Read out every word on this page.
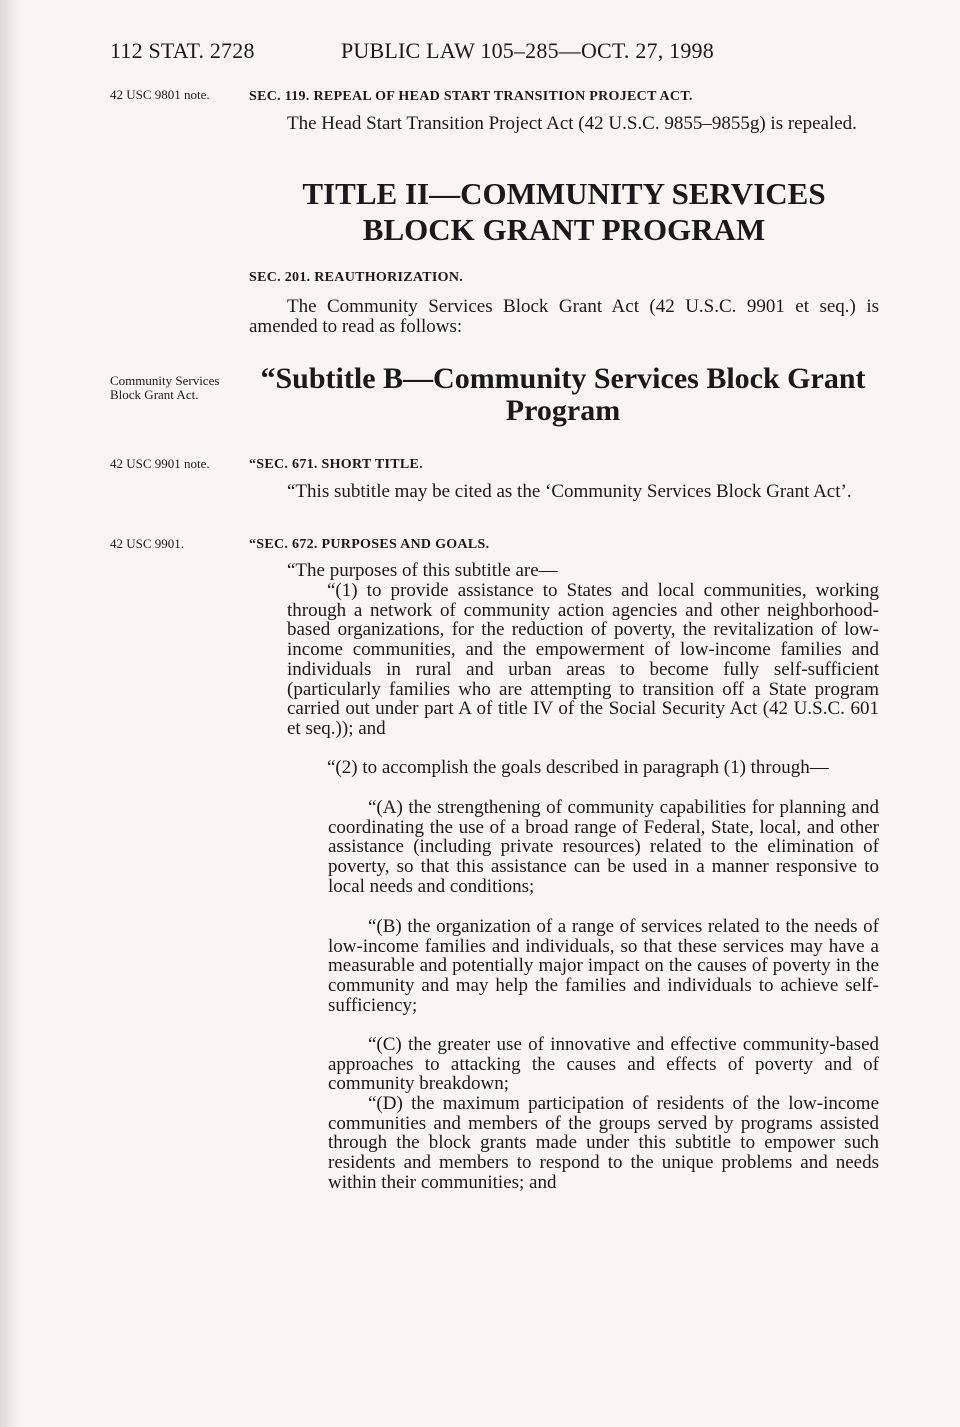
112 STAT. 2728	PUBLIC LAW 105–285—OCT. 27, 1998
42 USC 9801 note.
Community Services Block Grant Act.
42 USC 9901 note.
42 USC 9901.
SEC. 119. REPEAL OF HEAD START TRANSITION PROJECT ACT.
The Head Start Transition Project Act (42 U.S.C. 9855–9855g) is repealed.
TITLE II—COMMUNITY SERVICES BLOCK GRANT PROGRAM
SEC. 201. REAUTHORIZATION.
The Community Services Block Grant Act (42 U.S.C. 9901 et seq.) is amended to read as follows:
“Subtitle B—Community Services Block Grant Program
“SEC. 671. SHORT TITLE.
“This subtitle may be cited as the ‘Community Services Block Grant Act’.
“SEC. 672. PURPOSES AND GOALS.
“The purposes of this subtitle are—
“(1) to provide assistance to States and local communities, working through a network of community action agencies and other neighborhood-based organizations, for the reduction of poverty, the revitalization of low-income communities, and the empowerment of low-income families and individuals in rural and urban areas to become fully self-sufficient (particularly families who are attempting to transition off a State program carried out under part A of title IV of the Social Security Act (42 U.S.C. 601 et seq.)); and
“(2) to accomplish the goals described in paragraph (1) through—
“(A) the strengthening of community capabilities for planning and coordinating the use of a broad range of Federal, State, local, and other assistance (including private resources) related to the elimination of poverty, so that this assistance can be used in a manner responsive to local needs and conditions;
“(B) the organization of a range of services related to the needs of low-income families and individuals, so that these services may have a measurable and potentially major impact on the causes of poverty in the community and may help the families and individuals to achieve self-sufficiency;
“(C) the greater use of innovative and effective community-based approaches to attacking the causes and effects of poverty and of community breakdown;
“(D) the maximum participation of residents of the low-income communities and members of the groups served by programs assisted through the block grants made under this subtitle to empower such residents and members to respond to the unique problems and needs within their communities; and
